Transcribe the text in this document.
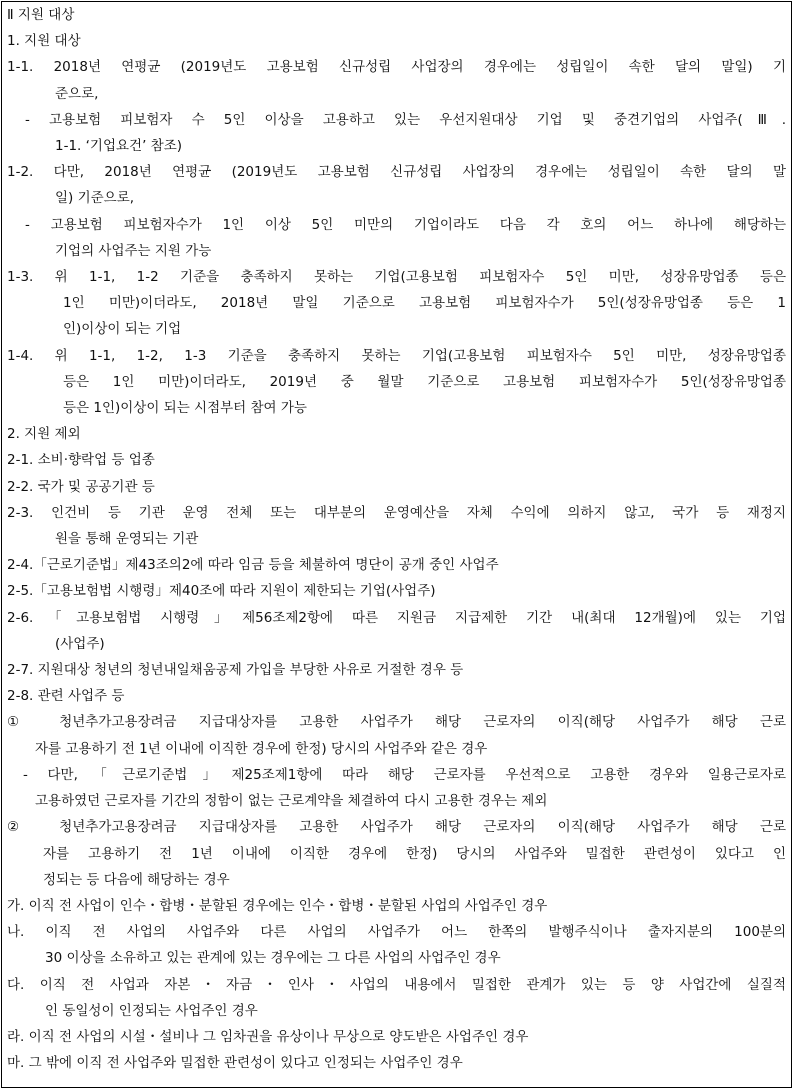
Ⅱ 지원 대상
1. 지원 대상
1-1. 2018년 연평균 (2019년도 고용보험 신규성립 사업장의 경우에는 성립일이 속한 달의 말일) 기
준으로,
- 고용보험 피보험자 수 5인 이상을 고용하고 있는 우선지원대상 기업 및 중견기업의 사업주(Ⅲ.
1-1. ‘기업요건’ 참조)
1-2. 다만, 2018년 연평균 (2019년도 고용보험 신규성립 사업장의 경우에는 성립일이 속한 달의 말
일) 기준으로,
- 고용보험 피보험자수가 1인 이상 5인 미만의 기업이라도 다음 각 호의 어느 하나에 해당하는
기업의 사업주는 지원 가능
1-3. 위 1-1, 1-2 기준을 충족하지 못하는 기업(고용보험 피보험자수 5인 미만, 성장유망업종 등은
1인 미만)이더라도, 2018년 말일 기준으로 고용보험 피보험자수가 5인(성장유망업종 등은 1
인)이상이 되는 기업
1-4. 위 1-1, 1-2, 1-3 기준을 충족하지 못하는 기업(고용보험 피보험자수 5인 미만, 성장유망업종
등은 1인 미만)이더라도, 2019년 중 월말 기준으로 고용보험 피보험자수가 5인(성장유망업종
등은 1인)이상이 되는 시점부터 참여 가능
2. 지원 제외
2-1. 소비·향락업 등 업종
2-2. 국가 및 공공기관 등
2-3. 인건비 등 기관 운영 전체 또는 대부분의 운영예산을 자체 수익에 의하지 않고, 국가 등 재정지
원을 통해 운영되는 기관
2-4.「근로기준법」제43조의2에 따라 임금 등을 체불하여 명단이 공개 중인 사업주
2-5.「고용보험법 시행령」제40조에 따라 지원이 제한되는 기업(사업주)
2-6.「고용보험법 시행령」제56조제2항에 따른 지원금 지급제한 기간 내(최대 12개월)에 있는 기업
(사업주)
2-7. 지원대상 청년의 청년내일채움공제 가입을 부당한 사유로 거절한 경우 등
2-8. 관련 사업주 등
① 청년추가고용장려금 지급대상자를 고용한 사업주가 해당 근로자의 이직(해당 사업주가 해당 근로
자를 고용하기 전 1년 이내에 이직한 경우에 한정) 당시의 사업주와 같은 경우
- 다만,「근로기준법」제25조제1항에 따라 해당 근로자를 우선적으로 고용한 경우와 일용근로자로
고용하였던 근로자를 기간의 정함이 없는 근로계약을 체결하여 다시 고용한 경우는 제외
② 청년추가고용장려금 지급대상자를 고용한 사업주가 해당 근로자의 이직(해당 사업주가 해당 근로
자를 고용하기 전 1년 이내에 이직한 경우에 한정) 당시의 사업주와 밀접한 관련성이 있다고 인
정되는 등 다음에 해당하는 경우
가. 이직 전 사업이 인수・합병・분할된 경우에는 인수・합병・분할된 사업의 사업주인 경우
나. 이직 전 사업의 사업주와 다른 사업의 사업주가 어느 한쪽의 발행주식이나 출자지분의 100분의
30 이상을 소유하고 있는 관계에 있는 경우에는 그 다른 사업의 사업주인 경우
다. 이직 전 사업과 자본・자금・인사・사업의 내용에서 밀접한 관계가 있는 등 양 사업간에 실질적
인 동일성이 인정되는 사업주인 경우
라. 이직 전 사업의 시설・설비나 그 임차권을 유상이나 무상으로 양도받은 사업주인 경우
마. 그 밖에 이직 전 사업주와 밀접한 관련성이 있다고 인정되는 사업주인 경우
